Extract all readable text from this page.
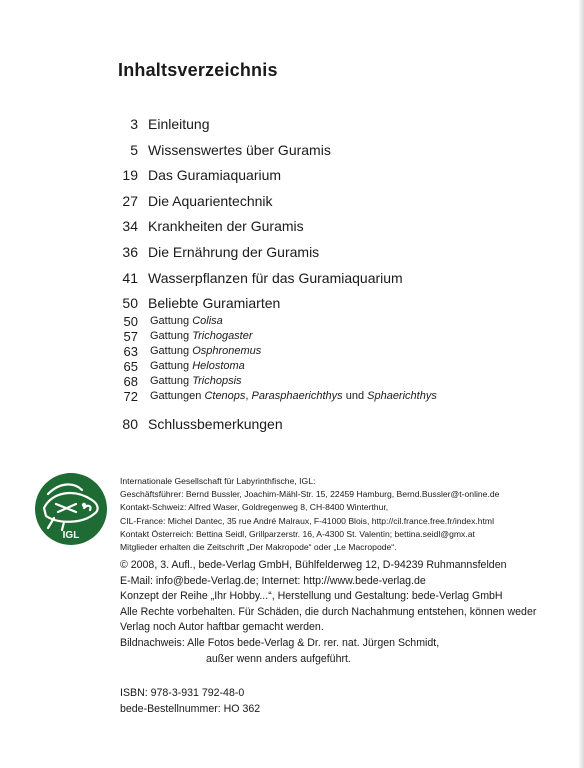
Inhaltsverzeichnis
3 Einleitung
5 Wissenswertes über Guramis
19 Das Guramiaquarium
27 Die Aquarientechnik
34 Krankheiten der Guramis
36 Die Ernährung der Guramis
41 Wasserpflanzen für das Guramiaquarium
50 Beliebte Guramiarten
50 Gattung Colisa
57 Gattung Trichogaster
63 Gattung Osphronemus
65 Gattung Helostoma
68 Gattung Trichopsis
72 Gattungen Ctenops, Parasphaerichthys und Sphaerichthys
80 Schlussbemerkungen
IGL
Internationale Gesellschaft für Labyrinthfische, IGL:
Geschäftsführer: Bernd Bussler, Joachim-Mähl-Str. 15, 22459 Hamburg, Bernd.Bussler@t-online.de
Kontakt-Schweiz: Alfred Waser, Goldregenweg 8, CH-8400 Winterthur,
CIL-France: Michel Dantec, 35 rue André Malraux, F-41000 Blois, http://cil.france.free.fr/index.html
Kontakt Österreich: Bettina Seidl, Grillparzerstr. 16, A-4300 St. Valentin; bettina.seidl@gmx.at
Mitglieder erhalten die Zeitschrift „Der Makropode“ oder „Le Macropode“.
© 2008, 3. Aufl., bede-Verlag GmbH, Bühlfelderweg 12, D-94239 Ruhmannsfelden
E-Mail: info@bede-Verlag.de; Internet: http://www.bede-verlag.de
Konzept der Reihe „Ihr Hobby...“, Herstellung und Gestaltung: bede-Verlag GmbH
Alle Rechte vorbehalten. Für Schäden, die durch Nachahmung entstehen, können weder
Verlag noch Autor haftbar gemacht werden.
Bildnachweis: Alle Fotos bede-Verlag & Dr. rer. nat. Jürgen Schmidt,
außer wenn anders aufgeführt.
ISBN: 978-3-931 792-48-0
bede-Bestellnummer: HO 362
